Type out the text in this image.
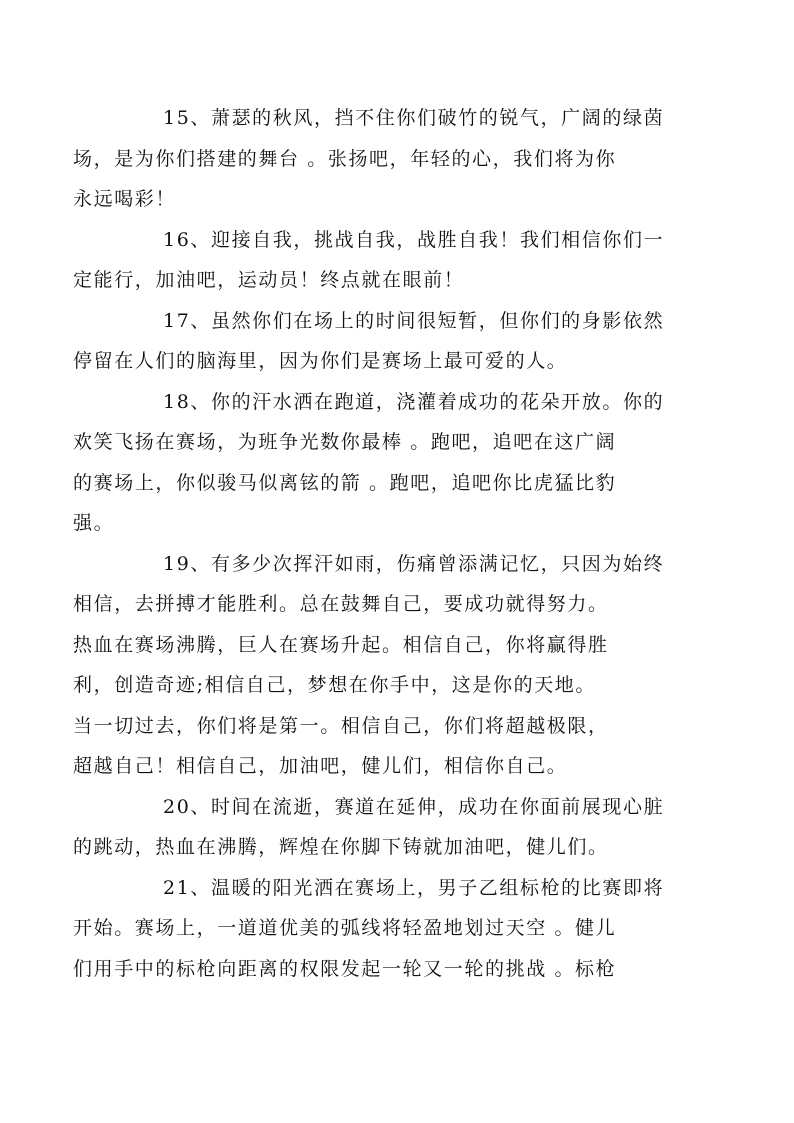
15、萧瑟的秋风，挡不住你们破竹的锐气，广阔的绿茵
场，是为你们搭建的舞台 。张扬吧，年轻的心，我们将为你
永远喝彩！

16、迎接自我，挑战自我，战胜自我！我们相信你们一
定能行，加油吧，运动员！终点就在眼前！

17、虽然你们在场上的时间很短暂，但你们的身影依然
停留在人们的脑海里，因为你们是赛场上最可爱的人。

18、你的汗水洒在跑道，浇灌着成功的花朵开放。你的
欢笑飞扬在赛场，为班争光数你最棒 。跑吧，追吧在这广阔
的赛场上，你似骏马似离铉的箭 。跑吧，追吧你比虎猛比豹
强。

19、有多少次挥汗如雨，伤痛曾添满记忆，只因为始终
相信，去拼搏才能胜利。总在鼓舞自己，要成功就得努力。
热血在赛场沸腾，巨人在赛场升起。相信自己，你将赢得胜
利，创造奇迹;相信自己，梦想在你手中，这是你的天地。
当一切过去，你们将是第一。相信自己，你们将超越极限，
超越自己！相信自己，加油吧，健儿们，相信你自己。

20、时间在流逝，赛道在延伸，成功在你面前展现心脏
的跳动，热血在沸腾，辉煌在你脚下铸就加油吧，健儿们。

21、温暖的阳光洒在赛场上，男子乙组标枪的比赛即将
开始。赛场上，一道道优美的弧线将轻盈地划过天空 。健儿
们用手中的标枪向距离的权限发起一轮又一轮的挑战 。标枪
